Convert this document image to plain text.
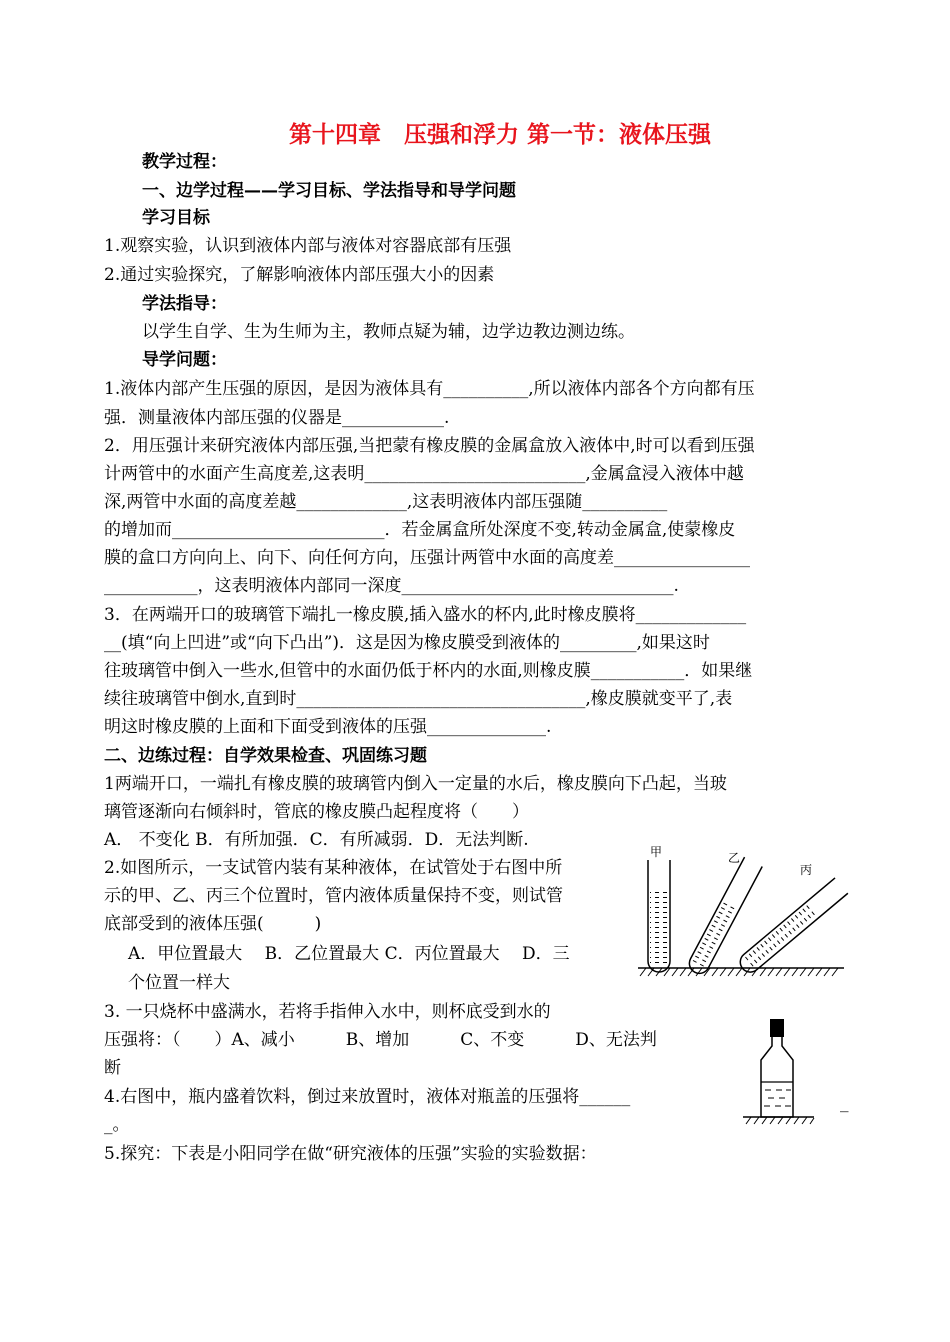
第十四章　压强和浮力 第一节：液体压强
教学过程：
一、边学过程——学习目标、学法指导和导学问题
学习目标
1.观察实验，认识到液体内部与液体对容器底部有压强
2.通过实验探究，了解影响液体内部压强大小的因素
学法指导：
以学生自学、生为生师为主，教师点疑为辅，边学边教边测边练。
导学问题：
1.液体内部产生压强的原因，是因为液体具有__________,所以液体内部各个方向都有压
强．测量液体内部压强的仪器是____________.
2．用压强计来研究液体内部压强,当把蒙有橡皮膜的金属盒放入液体中,时可以看到压强
计两管中的水面产生高度差,这表明__________________________,金属盒浸入液体中越
深,两管中水面的高度差越_____________,这表明液体内部压强随__________
的增加而_________________________．若金属盒所处深度不变,转动金属盒,使蒙橡皮
膜的盒口方向向上、向下、向任何方向，压强计两管中水面的高度差________________
___________，这表明液体内部同一深度________________________________.
3．在两端开口的玻璃管下端扎一橡皮膜,插入盛水的杯内,此时橡皮膜将_____________
__(填“向上凹进”或“向下凸出”)．这是因为橡皮膜受到液体的_________,如果这时
往玻璃管中倒入一些水,但管中的水面仍低于杯内的水面,则橡皮膜___________．如果继
续往玻璃管中倒水,直到时__________________________________,橡皮膜就变平了,表
明这时橡皮膜的上面和下面受到液体的压强______________.
二、边练过程：自学效果检查、巩固练习题
1两端开口，一端扎有橡皮膜的玻璃管内倒入一定量的水后，橡皮膜向下凸起，当玻
璃管逐渐向右倾斜时，管底的橡皮膜凸起程度将（　　）
A． 不变化 B．有所加强．C．有所减弱．D．无法判断.
2.如图所示，一支试管内装有某种液体，在试管处于右图中所
示的甲、乙、丙三个位置时，管内液体质量保持不变，则试管
底部受到的液体压强(　　　)
A．甲位置最大　 B．乙位置最大 C．丙位置最大　 D．三
个位置一样大
3. 一只烧杯中盛满水，若将手指伸入水中，则杯底受到水的
压强将：（　　）A、减小　　　B、增加　　　C、不变　　　D、无法判
断
4.右图中，瓶内盛着饮料，倒过来放置时，液体对瓶盖的压强将______
_。
5.探究：下表是小阳同学在做“研究液体的压强”实验的实验数据：
甲	乙
丙
_
